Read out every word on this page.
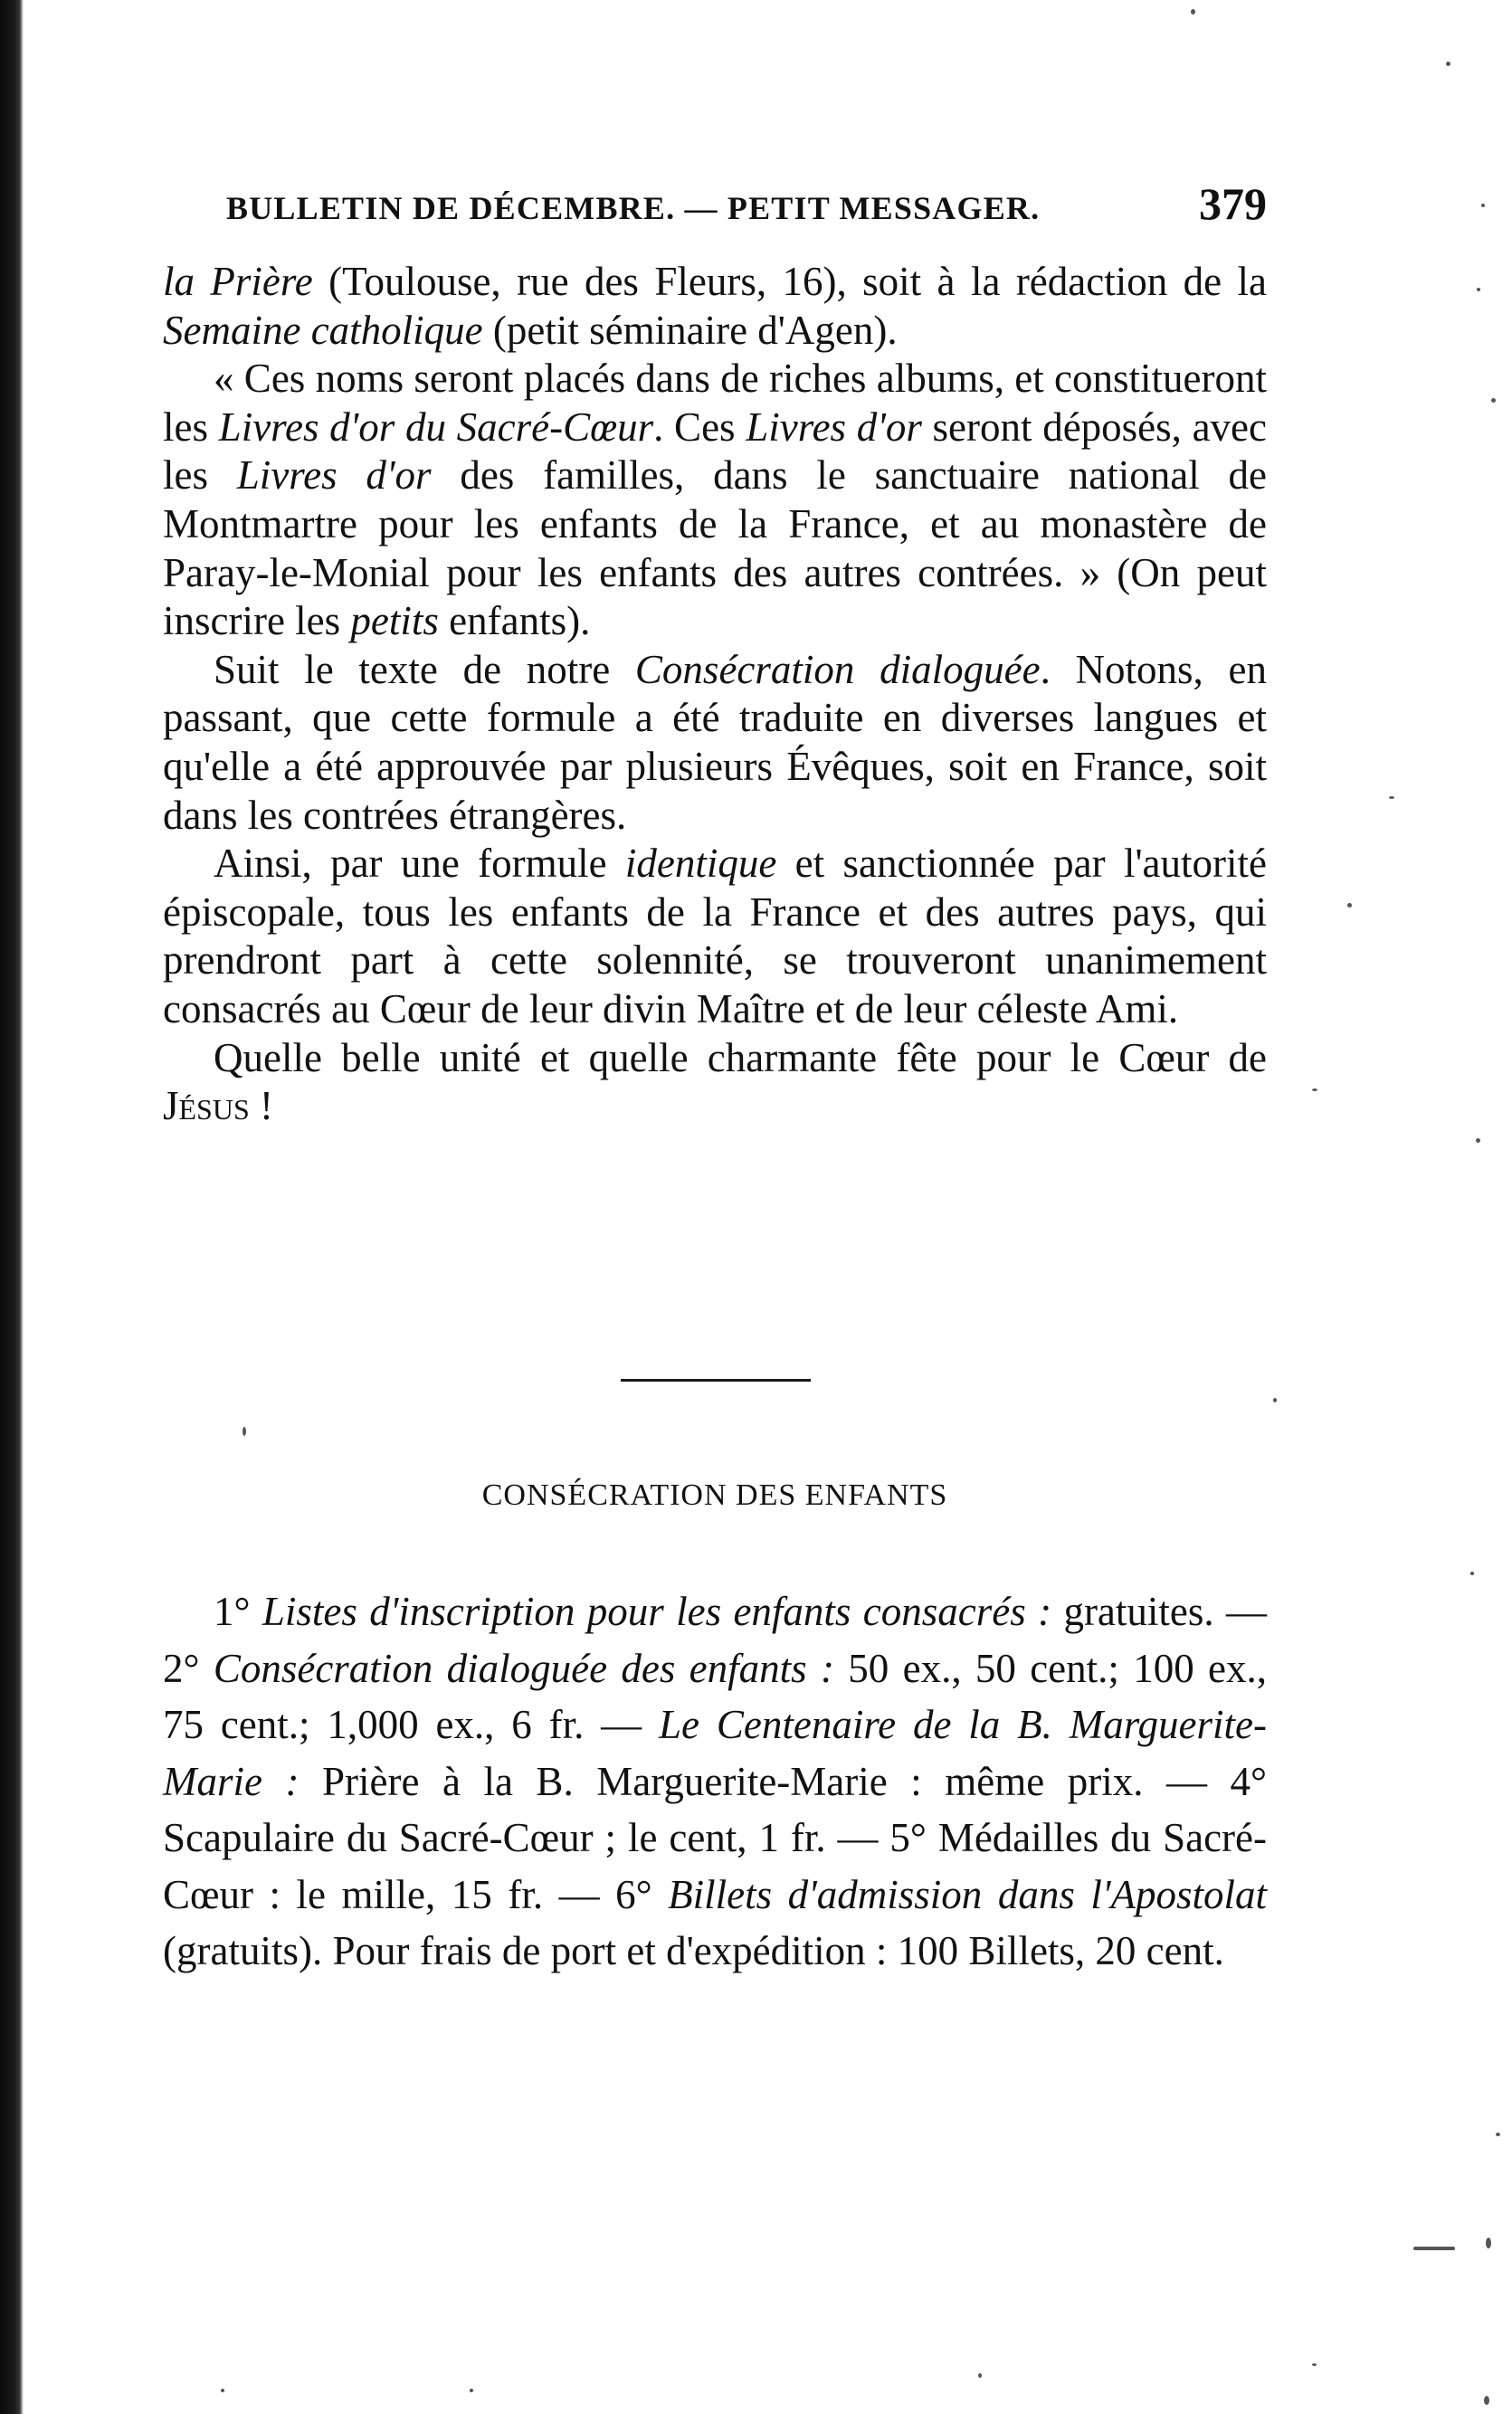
BULLETIN DE DÉCEMBRE. — PETIT MESSAGER.	379

la Prière (Toulouse, rue des Fleurs, 16), soit à la rédaction de la Semaine catholique (petit séminaire d'Agen).

« Ces noms seront placés dans de riches albums, et constitueront les Livres d'or du Sacré-Cœur. Ces Livres d'or seront déposés, avec les Livres d'or des familles, dans le sanctuaire national de Montmartre pour les enfants de la France, et au monastère de Paray-le-Monial pour les enfants des autres contrées. » (On peut inscrire les petits enfants).

Suit le texte de notre Consécration dialoguée. Notons, en passant, que cette formule a été traduite en diverses langues et qu'elle a été approuvée par plusieurs Évêques, soit en France, soit dans les contrées étrangères.

Ainsi, par une formule identique et sanctionnée par l'autorité épiscopale, tous les enfants de la France et des autres pays, qui prendront part à cette solennité, se trouveront unanimement consacrés au Cœur de leur divin Maître et de leur céleste Ami.

Quelle belle unité et quelle charmante fête pour le Cœur de Jésus !

CONSÉCRATION DES ENFANTS

1° Listes d'inscription pour les enfants consacrés : gratuites. — 2° Consécration dialoguée des enfants : 50 ex., 50 cent.; 100 ex., 75 cent.; 1,000 ex., 6 fr. — Le Centenaire de la B. Marguerite-Marie : Prière à la B. Marguerite-Marie : même prix. — 4° Scapulaire du Sacré-Cœur ; le cent, 1 fr. — 5° Médailles du Sacré-Cœur : le mille, 15 fr. — 6° Billets d'admission dans l'Apostolat (gratuits). Pour frais de port et d'expédition : 100 Billets, 20 cent.
